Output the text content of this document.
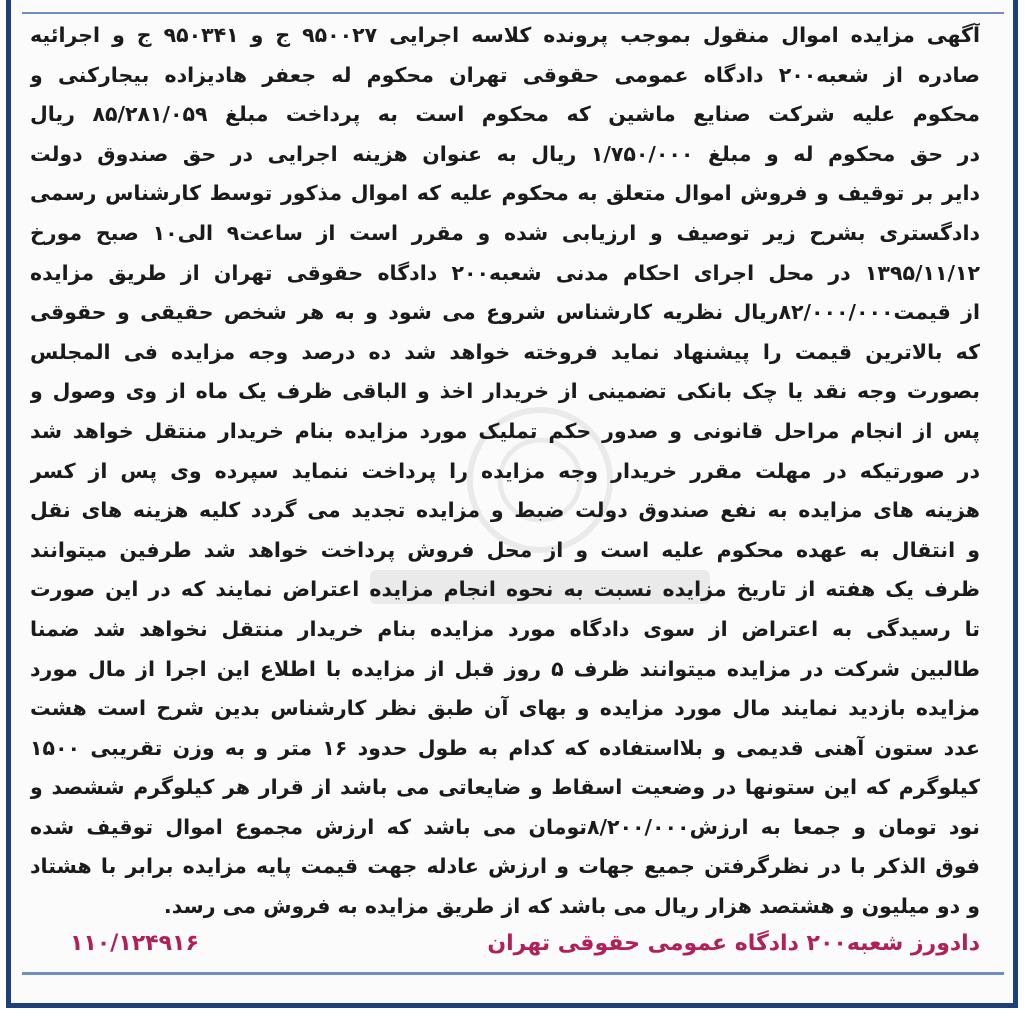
آگهی مزایده اموال منقول بموجب پرونده کلاسه اجرایی ۹۵۰۰۲۷ ج و ۹۵۰۳۴۱ ج و اجرائیه
صادره از شعبه۲۰۰ دادگاه عمومی حقوقی تهران محکوم له جعفر هادیزاده بیجارکنی و
محکوم علیه شرکت صنایع ماشین که محکوم است به پرداخت مبلغ ۸۵/۲۸۱/۰۵۹ ریال
در حق محکوم له و مبلغ ۱/۷۵۰/۰۰۰ ریال به عنوان هزینه اجرایی در حق صندوق دولت
دایر بر توقیف و فروش اموال متعلق به محکوم علیه که اموال مذکور توسط کارشناس رسمی
دادگستری بشرح زیر توصیف و ارزیابی شده و مقرر است از ساعت۹ الی۱۰ صبح مورخ
۱۳۹۵/۱۱/۱۲ در محل اجرای احکام مدنی شعبه۲۰۰ دادگاه حقوقی تهران از طریق مزایده
از قیمت۸۲/۰۰۰/۰۰۰ریال نظریه کارشناس شروع می شود و به هر شخص حقیقی و حقوقی
که بالاترین قیمت را پیشنهاد نماید فروخته خواهد شد ده درصد وجه مزایده فی المجلس
بصورت وجه نقد یا چک بانکی تضمینی از خریدار اخذ و الباقی ظرف یک ماه از وی وصول و
پس از انجام مراحل قانونی و صدور حکم تملیک مورد مزایده بنام خریدار منتقل خواهد شد
در صورتیکه در مهلت مقرر خریدار وجه مزایده را پرداخت ننماید سپرده وی پس از کسر
هزینه های مزایده به نفع صندوق دولت ضبط و مزایده تجدید می گردد کلیه هزینه های نقل
و انتقال به عهده محکوم علیه است و از محل فروش پرداخت خواهد شد طرفین میتوانند
ظرف یک هفته از تاریخ مزایده نسبت به نحوه انجام مزایده اعتراض نمایند که در این صورت
تا رسیدگی به اعتراض از سوی دادگاه مورد مزایده بنام خریدار منتقل نخواهد شد ضمنا
طالبین شرکت در مزایده میتوانند ظرف ۵ روز قبل از مزایده با اطلاع این اجرا از مال مورد
مزایده بازدید نمایند مال مورد مزایده و بهای آن طبق نظر کارشناس بدین شرح است هشت
عدد ستون آهنی قدیمی و بلااستفاده که کدام به طول حدود ۱۶ متر و به وزن تقریبی ۱۵۰۰
کیلوگرم که این ستونها در وضعیت اسقاط و ضایعاتی می باشد از قرار هر کیلوگرم ششصد و
نود تومان و جمعا به ارزش۸/۲۰۰/۰۰۰تومان می باشد که ارزش مجموع اموال توقیف شده
فوق الذکر با در نظرگرفتن جمیع جهات و ارزش عادله جهت قیمت پایه مزایده برابر با هشتاد
و دو میلیون و هشتصد هزار ریال می باشد که از طریق مزایده به فروش می رسد.
دادورز شعبه۲۰۰ دادگاه عمومی حقوقی تهران
۱۱۰/۱۲۴۹۱۶
